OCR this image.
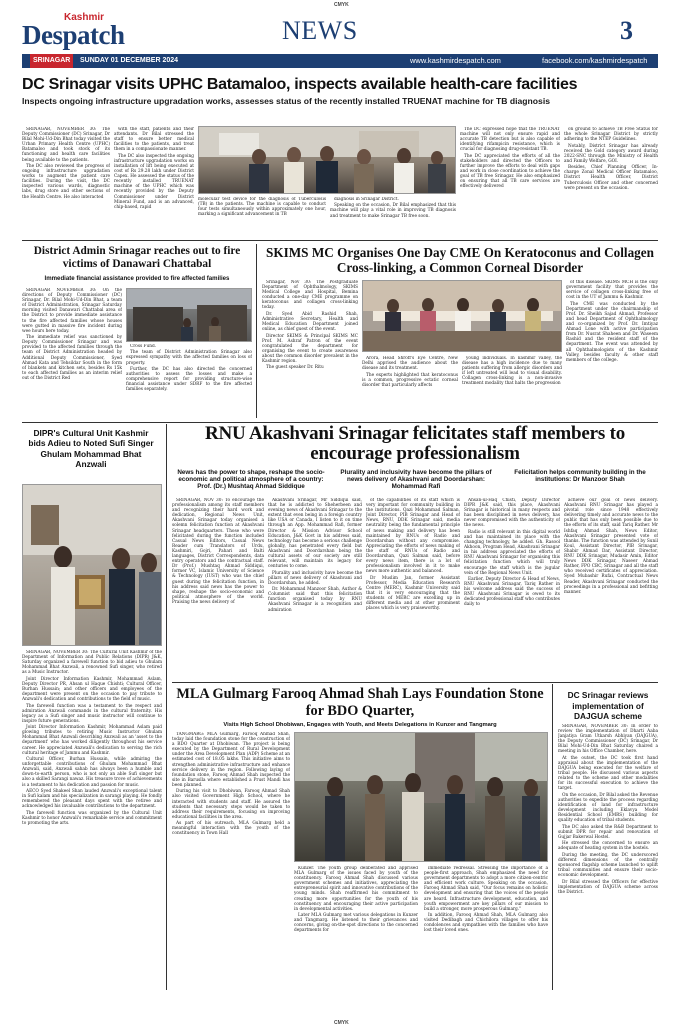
CMYK
Kashmir
Despatch	NEWS	3
SRINAGAR	SUNDAY 01 DECEMBER 2024	www.kashmirdespatch.com	facebook.com/kashmirdespatch
DC Srinagar visits UPHC Batamaloo, inspects available health-care facilities
Inspects ongoing infrastructure upgradation works, assesses status of the recently installed TRUENAT machine for TB diagnosis

SRINAGAR, NOVEMBER 30: The Deputy Commissioner (DC) Srinagar, Dr Bilal Mohi-Ud-Din Bhat today visited the Urban Primary Health Centre (UPHC) Batamaloo and took stock of its functioning and health care facilities being available to the patients.

The DC also reviewed the progress of ongoing infrastructure upgradation works to augment the patient care facilities. During the visit, the DC inspected various wards, diagnostic labs, drug store and other sections of the Health Centre. He also interacted

with the staff, patients and their attendants. Dr Bilal stressed the staff to ensure better medical facilities to the patients, and treat them in a compassionate manner.

The DC also inspected the ongoing infrastructure upgradation works on installation of lift being executed at cost of Rs 29.28 lakh under District Capex. He assessed the status of the recently installed TRUENAT machine of the UPHC which was recently provided by the Deputy Commissioner under District Mineral Fund, and is an advanced, chip-based, rapid

molecular test device for the diagnosis of Tuberculosis (TB) in the patients. The machine is capable to conduct four tests simultaneously within approximately one hour, marking a significant advancement in TB

diagnosis in Srinagar District.

Speaking on the occasion, Dr Bilal emphasized that this machine will play a vital role in improving TB diagnosis and treatment to make Srinagar TB free soon.

The DC expressed hope that the TRUENAT machine will not only ensure rapid and accurate TB detection but is also capable of identifying rifampicin resistance, which is crucial for diagnosing drug-resistant TB.

The DC appreciated the efforts of all the stakeholders and directed the Officers to further improve the efforts to deal with gaps and work in close coordination to achieve the goal of TB free Srinagar. He also emphasized on ensuring that all TB care services are effectively delivered

on ground to achieve TB Free Status for the whole Srinagar District by strictly adhering to the NTEP Guidelines.

Notably, District Srinagar has already received the Gold category award during 2022-SNC through the Ministry of Health and Family Welfare, GOI.

Besides, Chief Planning Officer, In-charge Zonal Medical Officer Batamaloo, District Health Officer, District Tuberculosis Officer and other concerned were present on the occasion.

District Admin Srinagar reaches out to fire victims of Danawari Chattabal
Immediate financial assistance provided to fire affected families

SRINAGAR NOVEMBER 30: On the directions of Deputy Commissioner (DC) Srinagar, Dr. Bilal Mohi-Ud-Din Bhat, a team of District Administration, Srinagar Saturday morning visited Danawari Chattabal area of the District to provide immediate assistance to the fire affected families whose houses were gutted in massive fire incident during wee hours here today.

The immediate relief was sanctioned by Deputy Commissioner Srinagar and was provided to the affected families through the team of District Administration headed by Additional Deputy Commissioner, Syed Ahmad Kata and Tehsildar South in the form of blankets and kitchen sets, besides Rs 15k to each affected families as an interim relief out of the District Red

Cross Fund.

The team of District Administration Srinagar also expressed sympathy with the affected families on loss of property.

Further, the DC has also directed the concerned authorities to assess the losses and make a comprehensive report for providing structure-wise financial assistance under SDRF to the fire affected families separately.

SKIMS MC Organises One Day CME On Keratoconus and Collagen Cross-linking, a Common Corneal Disorder

Srinagar, Nov 30: The Postgraduate Department of Ophthalmology, SKIMS Medical College and Hospital, Bemina conducted a one-day CME programme on keratoconus and collagen cross-linking today.

Dr. Syed Abid Rashid Shah, Administrative Secretary, Health and Medical Education Department joined online, as chief guest of the event.

Director SKIMS & Principal SKIMS MC Prof. M. Ashraf Patron of the event congratulated the department for organising the event to create awareness about the common disorder prevalent in the Kashmir region.

The guest speaker Dr. Ritu

Arora, Head Shroff's Eye Centre, New Delhi apprised the audience about the disease and its treatment.

The experts highlighted that keratoconus is a common, progressive ectatic corneal disorder that particularly affects

young individuals. In kashmir valley, the disease has a high incidence due to many patients suffering from allergic disorders and if left untreated will lead to visual disability. Collagen cross-linking is a non-invasive treatment modality that halts the progression

of this disease. SKIMS MCH is the only government facility that provides the service of collagen cross-linking free of cost in the UT of Jammu & Kashmir.

The CME was conducted by the Department under the chairmanship of Prof. Dr. Sheikh Sajad Ahmad, Professor and head Department of Ophthalmology and co-organized by Prof. Dr. Imtiyaz Ahmad Lone with active participation from Dr. Nusrat Shaheen and Dr. Waseem Rashid and the resident staff of the department. The event was attended by all Ophthalmologists of the Kashmir Valley, besides faculty & other staff members of the college.

DIPR's Cultural Unit Kashmir bids Adieu to Noted Sufi Singer Ghulam Mohammad Bhat Anzwali

SRINAGAR, NOVEMBER 30: The Cultural Unit Kashmir of the Department of Information and Public Relations (DIPR) J&K, Saturday organized a farewell function to bid adieu to Ghulam Mohammad Bhat Anzwali, a renowned Sufi singer, who retired as a Music Instructor.

Joint Director Information Kashmir, Mohammad Aslam, Deputy Director PR, Ahsan ul Haque Chishti; Cultural Officer, Burhan Hussain; and other officers and employees of the department were present on the occasion to pay tribute to Anzwali's dedication and contributions to the field of music.

The farewell function was a testament to the respect and admiration Anzwali commands in the cultural fraternity. His legacy as a Sufi singer and music instructor will continue to inspire future generations.

Joint Director Information Kashmir, Mohammad Aslam paid glowing tributes to retiring Music Instructor Ghulam Mohammad Bhat Anzwali describing Anzwali as an 'asset to the department' who has worked diligently throughout his service career. He appreciated Anzwali's dedication to serving the rich cultural heritage of Jammu and Kashmir.

Cultural Officer, Burhan Hussain, while admiring the unforgettable contributions of Ghulam Mohammad Bhat Anzwali, said, Anzwali sahab has always been a humble and down-to-earth person, who is not only an able Sufi singer but also a skilled Sarangi nawaz. His treasure trove of achievements is a testament to his dedication and passion for music.

AECO Syed Shakeel Shan lauded Anzwali's exceptional talent in Sufi kalam and his specialization in sarangi playing. He fondly remembered the pleasant days spent with the retiree and acknowledged his invaluable contributions to the department.

The farewell function was organized by the Cultural Unit Kashmir to honor Anzwali's remarkable service and commitment to promoting the arts.

RNU Akashvani Srinagar felicitates staff members to encourage professionalism
News has the power to shape, reshape the socio-economic and political atmosphere of a country: Prof. (Dr.) Mushtaq Ahmad Siddique
Plurality and inclusivity have become the pillars of news delivery of Akashvani and Doordarshan: Mohammad Rafi
Felicitation helps community building in the institutions: Dr Manzoor Shah

SRINAGAR, NOV 30: To encourage the professionalism among its staff members and recognizing their hard work and dedication, Regional News Unit, Akashvani Srinagar today organised a solemn felicitation function at Akashvani Srinagar headquarters. Those who were felicitated during the function included Casual News Editors, Casual News Reader cum Translators of Urdu, Kashmiri, Gojri, Pahari and Balti languages, District Correspondents, data entry operators and the contractual staff. Dr (Prof.) Mushtaq Ahmad Siddiqui, former VC, Islamic University of Science & Technology (IUST) who was the chief guest during the felicitation function, in his address said news has the power to shape, reshape the socio-economic and political atmosphere of the world. Praising the news delivery of

Akashvani Srinagar, Mr Siddiqui said, that he is addicted to Sheherbeen and evening news of Akashvani Srinagar to the extent that even being in a foreign country like USA or Canada, I listen to it on time through an App. Mohammad Rafi, former Director & Mission Advisor School Education, J&K Govt in his address said, technology has become a serious challenge globally, has penetrated every field but Akashvani and Doordarshan being the cultural assets of our society are still relevant, will maintain its legacy for centuries to come.

Plurality and inclusivity have become the pillars of news delivery of Akashvani and Doordarshan, he added.

Dr. Mohammad Manzoor Shah, Author & Columnist said that this felicitation function organised today by RNU Akashvani Srinagar is a recognition and admiration

of the capabilities of its staff which is very important for community building in the institutions. Qazi Mohammad Salman, Joint Director, PIB Srinagar and Head of News, RNU, DDK Srinagar said, media neutrality being the fundamental principle of news making and delivery has been maintained by RNUs of Radio and Doordarshan without any compromise. Appreciating the efforts of news making of the staff of RNUs of Radio and Doordarshan, Qazi Salman said, before every news item, there is a lot of professionalism involved in it to make news more authentic and balanced.

Dr Muslim Jan, former Assistant Professor, Media Education Research Centre (MERC), Kashmir University said that it is very encouraging that the students of MERC are excelling up in different media and at other prominent places which is very praiseworthy.

Ahsan-ul-Haq Chisti, Deputy Director DIPR J&K said, this place, Akashvani Srinagar is historical in many respects and has been disciplined in news delivery, has never compromised with the authenticity of the news.

Radio is still relevant in this digital world and has maintained its place with the changing technology, he added. Gh. Rasool Akhoon, Program Head, Akashvani Srinagar in his address appreciated the efforts of RNU Akashvani Srinagar for organising this felicitation function which will truly encourage the staff which is the jugular vein of the Regional News Unit.

Earlier, Deputy Director & Head of News, RNU Akashvani Srinagar, Tariq Rather in his welcome address said the success of RNU Akashvani Srinagar is owed to its dedicated professional staff who contributes daily to

achieve our goal of news delivery. Akashvani RNU Srinagar has played a pivotal role since 1948 effectively delivering timely and accurate news to the public that has only been possible due to the efforts of its staff, said Tariq Rather. Mr Ishfaq Ahmad Shah, News Editor, Akashvani Srinagar presented vote of thanks. The function was attended by Sunil Koul, Assistant Director, PIB Srinagar, Shabir Ahmad Dar, Assistant Director, RNU DDK Srinagar, Mudasir Amin, Editor News DDK Srinagar, Naseer Ahmad Rather, FPO CBC, Srinagar and all the staff who received certificates of appreciation. Syed Mubashir Rufai, Contractual News Reader, Akashvani Srinagar conducted the proceedings in a professional and befitting manner.

MLA Gulmarg Farooq Ahmad Shah Lays Foundation Stone for BDO Quarter,
Visits High School Dhobiwan, Engages with Youth, and Meets Delegations in Kunzer and Tangmarg

TANGMARG: MLA Gulmarg, Farooq Ahmad Shah, today laid the foundation stone for the construction of a BDO Quarter at Dhobiwan. The project is being executed by the Department of Rural Development under the Area Development Plan (ADP) Scheme at an estimated cost of 18.05 lakhs. This initiative aims to strengthen administrative infrastructure and enhance service delivery in the region. Following laying of foundation stone, Farooq Ahmad Shah inspected the site in Baruslla where established a Prust Mandi has been planned.

During his visit to Dhobiwan, Farooq Ahmad Shah also visited Government High School, where he interacted with students and staff. He assured the students that necessary steps would be taken to address their requirements, focusing on improving educational facilities in the area.

As part of his outreach, MLA Gulmarg held a meaningful interaction with the youth of the constituency in Town Hall

Kunzer. The youth group deliberated and apprised MLA Gulmarg of the issues faced by youth of the constituency. Farooq Ahmad Shah discussed various government schemes and initiatives, appreciating the entrepreneurial spirit and innovative contributions of the young minds. Shah reaffirmed his commitment to creating more opportunities for the youth of his constituency and encouraging their active participation in developmental activities.

Later MLA Gulmarg met various delegations in Kunzer and Tangmarg. He listened to their grievances and concerns, giving on-the-spot directions to the concerned departments for

immediate redressal. Stressing the importance of a people-first approach, Shah emphasized the need for government departments to adopt a more citizen-centric and efficient work culture. Speaking on the occasion, Farooq Ahmad Shah said, "Our focus remains on holistic development and ensuring that the voices of the people are heard. Infrastructure development, education, and youth empowerment are key pillars of our mission to build a stronger, more prosperous Gulmarg."

In addition, Farooq Ahmad Shah, MLA Gulmarg also visited Dedibagh and Chichilora villages to offer his condolences and sympathies with the families who have lost their loved ones.

DC Srinagar reviews implementation of DAJGUA scheme

SRINAGAR, NOVEMBER 30: In order to review the implementation of Dharti Aaba Janjatiya Gram Utkarsh Abhiyan (DAJGUA), the Deputy Commissioner (DC) Srinagar, Dr Bilal Mohi-Ud-Din Bhat Saturday chaired a meeting in his Office Chamber, here.

At the outset, the DC took first hand appraisal about the implementation of the DAJGUA being executed for the welfare of tribal people. He discussed various aspects related to the scheme and other modalities for its successful execution to achieve the target.

On the occasion, Dr Bilal asked the Revenue authorities to expedite the process regarding identification of land for infrastructure development including Eklavya Model Residential School (EMRS) building for quality education of tribal students.

The DC also asked the R&B Department to submit DPR for repair and renovation of Gujjar Bakerwal Hostel.

He stressed the concerned to ensure an adequate of heating system in the hostels.

During the meeting, the DC underscored different dimensions of the centrally sponsored flagship scheme launched to uplift tribal communities and ensure their socio-economic development.

Dr Bilal stressed the Officers for effective implementation of DAJGUA scheme across the District.

CMYK
